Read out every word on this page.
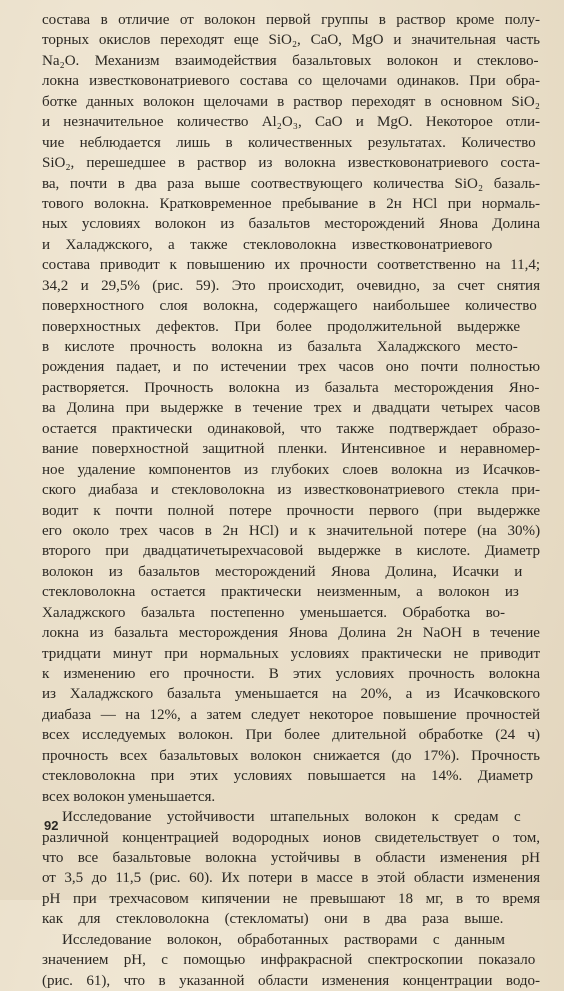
состава в отличие от волокон первой группы в раствор кроме полу-
торных окислов переходят еще SiO₂, CaO, MgO и значительная часть
Na₂O. Механизм взаимодействия базальтовых волокон и стеклово-
локна известковонатриевого состава со щелочами одинаков. При обра-
ботке данных волокон щелочами в раствор переходят в основном SiO₂
и незначительное количество Al₂O₃, CaO и MgO. Некоторое отли-
чие неблюдается лишь в количественных результатах. Количество
SiO₂, перешедшее в раствор из волокна известковонатриевого соста-
ва, почти в два раза выше соотвествующего количества SiO₂ базаль-
тового волокна. Кратковременное пребывание в 2н HCl при нормаль-
ных условиях волокон из базальтов месторождений Янова Долина
и Халаджского, а также стекловолокна известковонатриевого
состава приводит к повышению их прочности соответственно на 11,4;
34,2 и 29,5% (рис. 59). Это происходит, очевидно, за счет снятия
поверхностного слоя волокна, содержащего наибольшее количество
поверхностных дефектов. При более продолжительной выдержке
в кислоте прочность волокна из базальта Халаджского место-
рождения падает, и по истечении трех часов оно почти полностью
растворяется. Прочность волокна из базальта месторождения Яно-
ва Долина при выдержке в течение трех и двадцати четырех часов
остается практически одинаковой, что также подтверждает образо-
вание поверхностной защитной пленки. Интенсивное и неравномер-
ное удаление компонентов из глубоких слоев волокна из Исачков-
ского диабаза и стекловолокна из известковонатриевого стекла при-
водит к почти полной потере прочности первого (при выдержке
его около трех часов в 2н HCl) и к значительной потере (на 30%)
второго при двадцатичетырехчасовой выдержке в кислоте. Диаметр
волокон из базальтов месторождений Янова Долина, Исачки и
стекловолокна остается практически неизменным, а волокон из
Халаджского базальта постепенно уменьшается. Обработка во-
локна из базальта месторождения Янова Долина 2н NaOH в течение
тридцати минут при нормальных условиях практически не приводит
к изменению его прочности. В этих условиях прочность волокна
из Халаджского базальта уменьшается на 20%, а из Исачковского
диабаза — на 12%, а затем следует некоторое повышение прочностей
всех исследуемых волокон. При более длительной обработке (24 ч)
прочность всех базальтовых волокон снижается (до 17%). Прочность
стекловолокна при этих условиях повышается на 14%. Диаметр
всех волокон уменьшается.
Исследование устойчивости штапельных волокон к средам с
различной концентрацией водородных ионов свидетельствует о том,
что все базальтовые волокна устойчивы в области изменения pH
от 3,5 до 11,5 (рис. 60). Их потери в массе в этой области изменения
pH при трехчасовом кипячении не превышают 18 мг, в то время
как для стекловолокна (стекломаты) они в два раза выше.
Исследование волокон, обработанных растворами с данным
значением pH, с помощью инфракрасной спектроскопии показало
(рис. 61), что в указанной области изменения концентрации водо-
92
